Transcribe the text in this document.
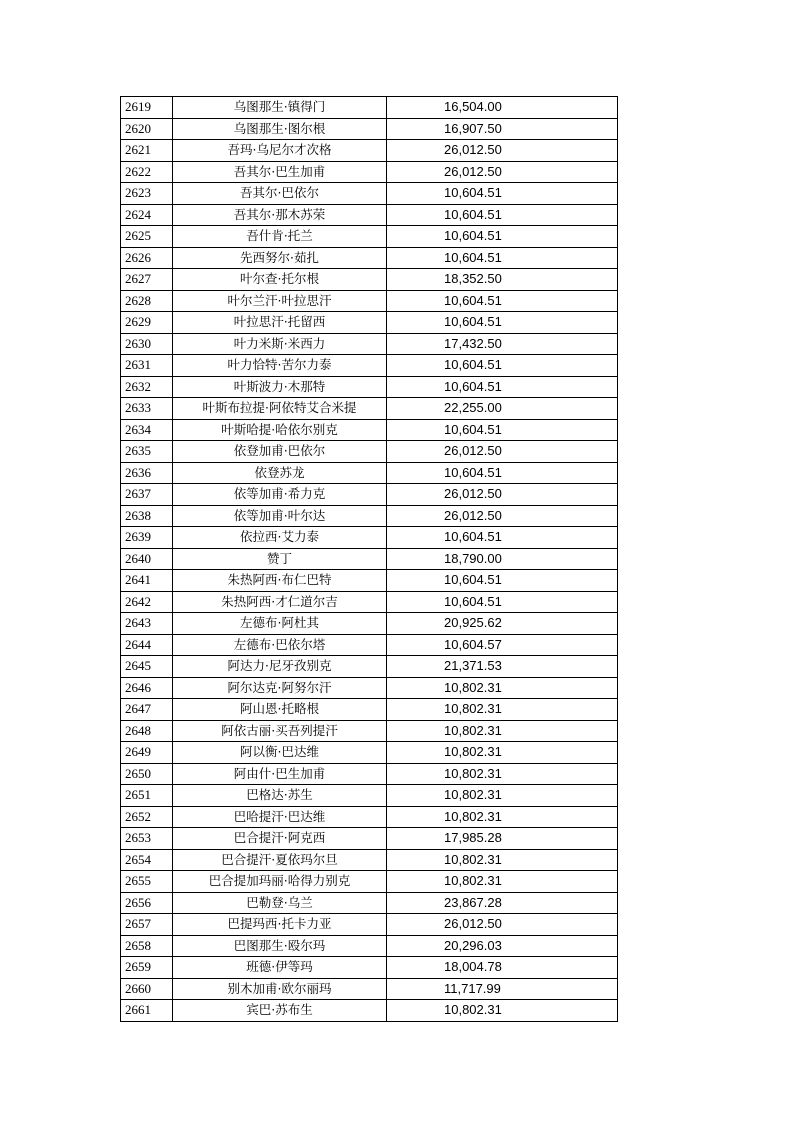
2619	乌图那生·镇得门	16,504.00
2620	乌图那生·图尔根	16,907.50
2621	吾玛·乌尼尔才次格	26,012.50
2622	吾其尔·巴生加甫	26,012.50
2623	吾其尔·巴依尔	10,604.51
2624	吾其尔·那木苏荣	10,604.51
2625	吾什肯·托兰	10,604.51
2626	先西努尔·茹扎	10,604.51
2627	叶尔查·托尔根	18,352.50
2628	叶尔兰汗·叶拉思汗	10,604.51
2629	叶拉思汗·托留西	10,604.51
2630	叶力米斯·米西力	17,432.50
2631	叶力恰特·苦尔力泰	10,604.51
2632	叶斯波力·木那特	10,604.51
2633	叶斯布拉提·阿依特艾合米提	22,255.00
2634	叶斯哈提·哈依尔别克	10,604.51
2635	依登加甫·巴依尔	26,012.50
2636	依登苏龙	10,604.51
2637	依等加甫·希力克	26,012.50
2638	依等加甫·叶尔达	26,012.50
2639	依拉西·艾力泰	10,604.51
2640	赞丁	18,790.00
2641	朱热阿西·布仁巴特	10,604.51
2642	朱热阿西·才仁道尔吉	10,604.51
2643	左德布·阿杜其	20,925.62
2644	左德布·巴依尔塔	10,604.57
2645	阿达力·尼牙孜别克	21,371.53
2646	阿尔达克·阿努尔汗	10,802.31
2647	阿山恩·托略根	10,802.31
2648	阿依古丽·买吾列提汗	10,802.31
2649	阿以衡·巴达维	10,802.31
2650	阿由什·巴生加甫	10,802.31
2651	巴格达·苏生	10,802.31
2652	巴哈提汗·巴达维	10,802.31
2653	巴合提汗·阿克西	17,985.28
2654	巴合提汗·夏依玛尔旦	10,802.31
2655	巴合提加玛丽·哈得力别克	10,802.31
2656	巴勒登·乌兰	23,867.28
2657	巴提玛西·托卡力亚	26,012.50
2658	巴图那生·殴尔玛	20,296.03
2659	班德·伊等玛	18,004.78
2660	别木加甫·欧尔丽玛	11,717.99
2661	宾巴·苏布生	10,802.31
